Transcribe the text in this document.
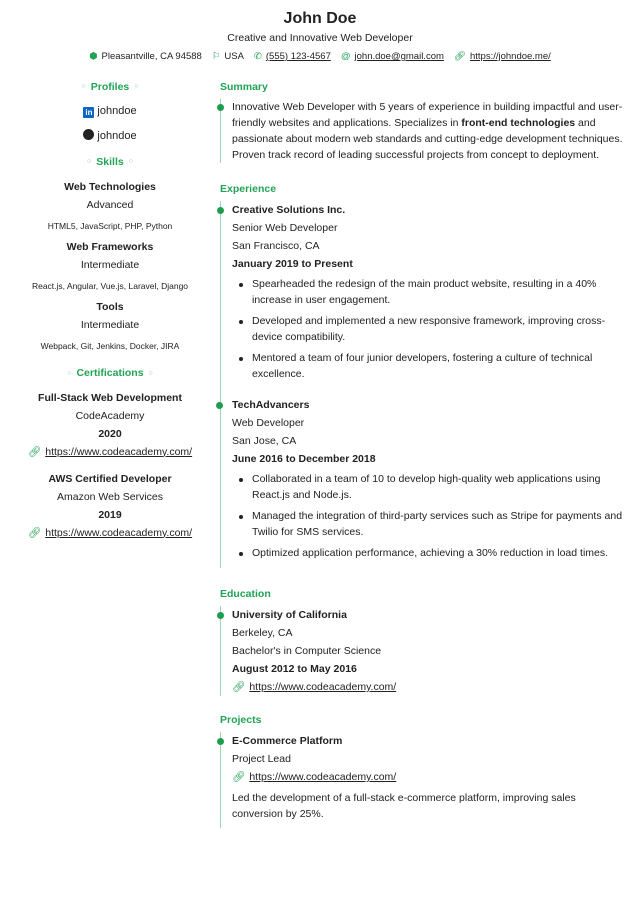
John Doe
Creative and Innovative Web Developer
⬢ Pleasantville, CA 94588 ⚐ USA ✆ (555) 123-4567 @ john.doe@gmail.com 🔗︎ https://johndoe.me/
○ Profiles ○
in johndoe
johndoe
○ Skills ○
Web Technologies
Advanced
HTML5, JavaScript, PHP, Python
Web Frameworks
Intermediate
React.js, Angular, Vue.js, Laravel, Django
Tools
Intermediate
Webpack, Git, Jenkins, Docker, JIRA
○ Certifications ○
Full-Stack Web Development
CodeAcademy
2020
🔗︎ https://www.codeacademy.com/
AWS Certified Developer
Amazon Web Services
2019
🔗︎ https://www.codeacademy.com/
Summary

Innovative Web Developer with 5 years of experience in building impactful and user-friendly websites and applications. Specializes in front-end technologies and passionate about modern web standards and cutting-edge development techniques. Proven track record of leading successful projects from concept to deployment.

Experience
Creative Solutions Inc.
Senior Web Developer
San Francisco, CA
January 2019 to Present
Spearheaded the redesign of the main product website, resulting in a 40% increase in user engagement.
Developed and implemented a new responsive framework, improving cross-device compatibility.
Mentored a team of four junior developers, fostering a culture of technical excellence.
TechAdvancers
Web Developer
San Jose, CA
June 2016 to December 2018
Collaborated in a team of 10 to develop high-quality web applications using React.js and Node.js.
Managed the integration of third-party services such as Stripe for payments and Twilio for SMS services.
Optimized application performance, achieving a 30% reduction in load times.
Education
University of California
Berkeley, CA
Bachelor's in Computer Science
August 2012 to May 2016
🔗︎ https://www.codeacademy.com/
Projects
E-Commerce Platform
Project Lead
🔗︎ https://www.codeacademy.com/

Led the development of a full-stack e-commerce platform, improving sales conversion by 25%.
